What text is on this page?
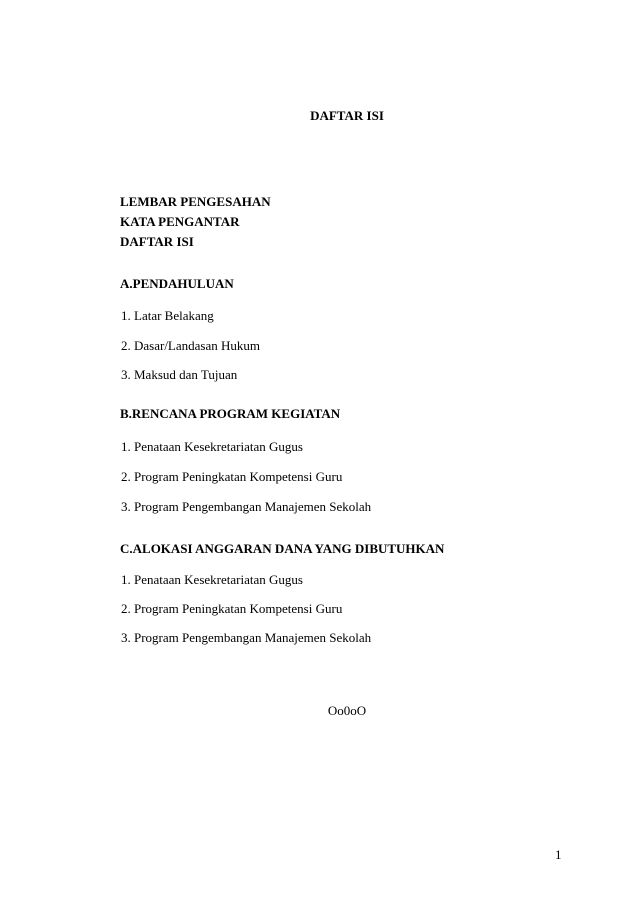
DAFTAR ISI
LEMBAR PENGESAHAN
KATA PENGANTAR
DAFTAR ISI
A.PENDAHULUAN
1. Latar Belakang
2. Dasar/Landasan Hukum
3. Maksud dan Tujuan
B.RENCANA PROGRAM KEGIATAN
1. Penataan Kesekretariatan Gugus
2. Program Peningkatan Kompetensi Guru
3. Program Pengembangan Manajemen Sekolah
C.ALOKASI ANGGARAN DANA YANG DIBUTUHKAN
1. Penataan Kesekretariatan Gugus
2. Program Peningkatan Kompetensi Guru
3. Program Pengembangan Manajemen Sekolah
Oo0oO
1
